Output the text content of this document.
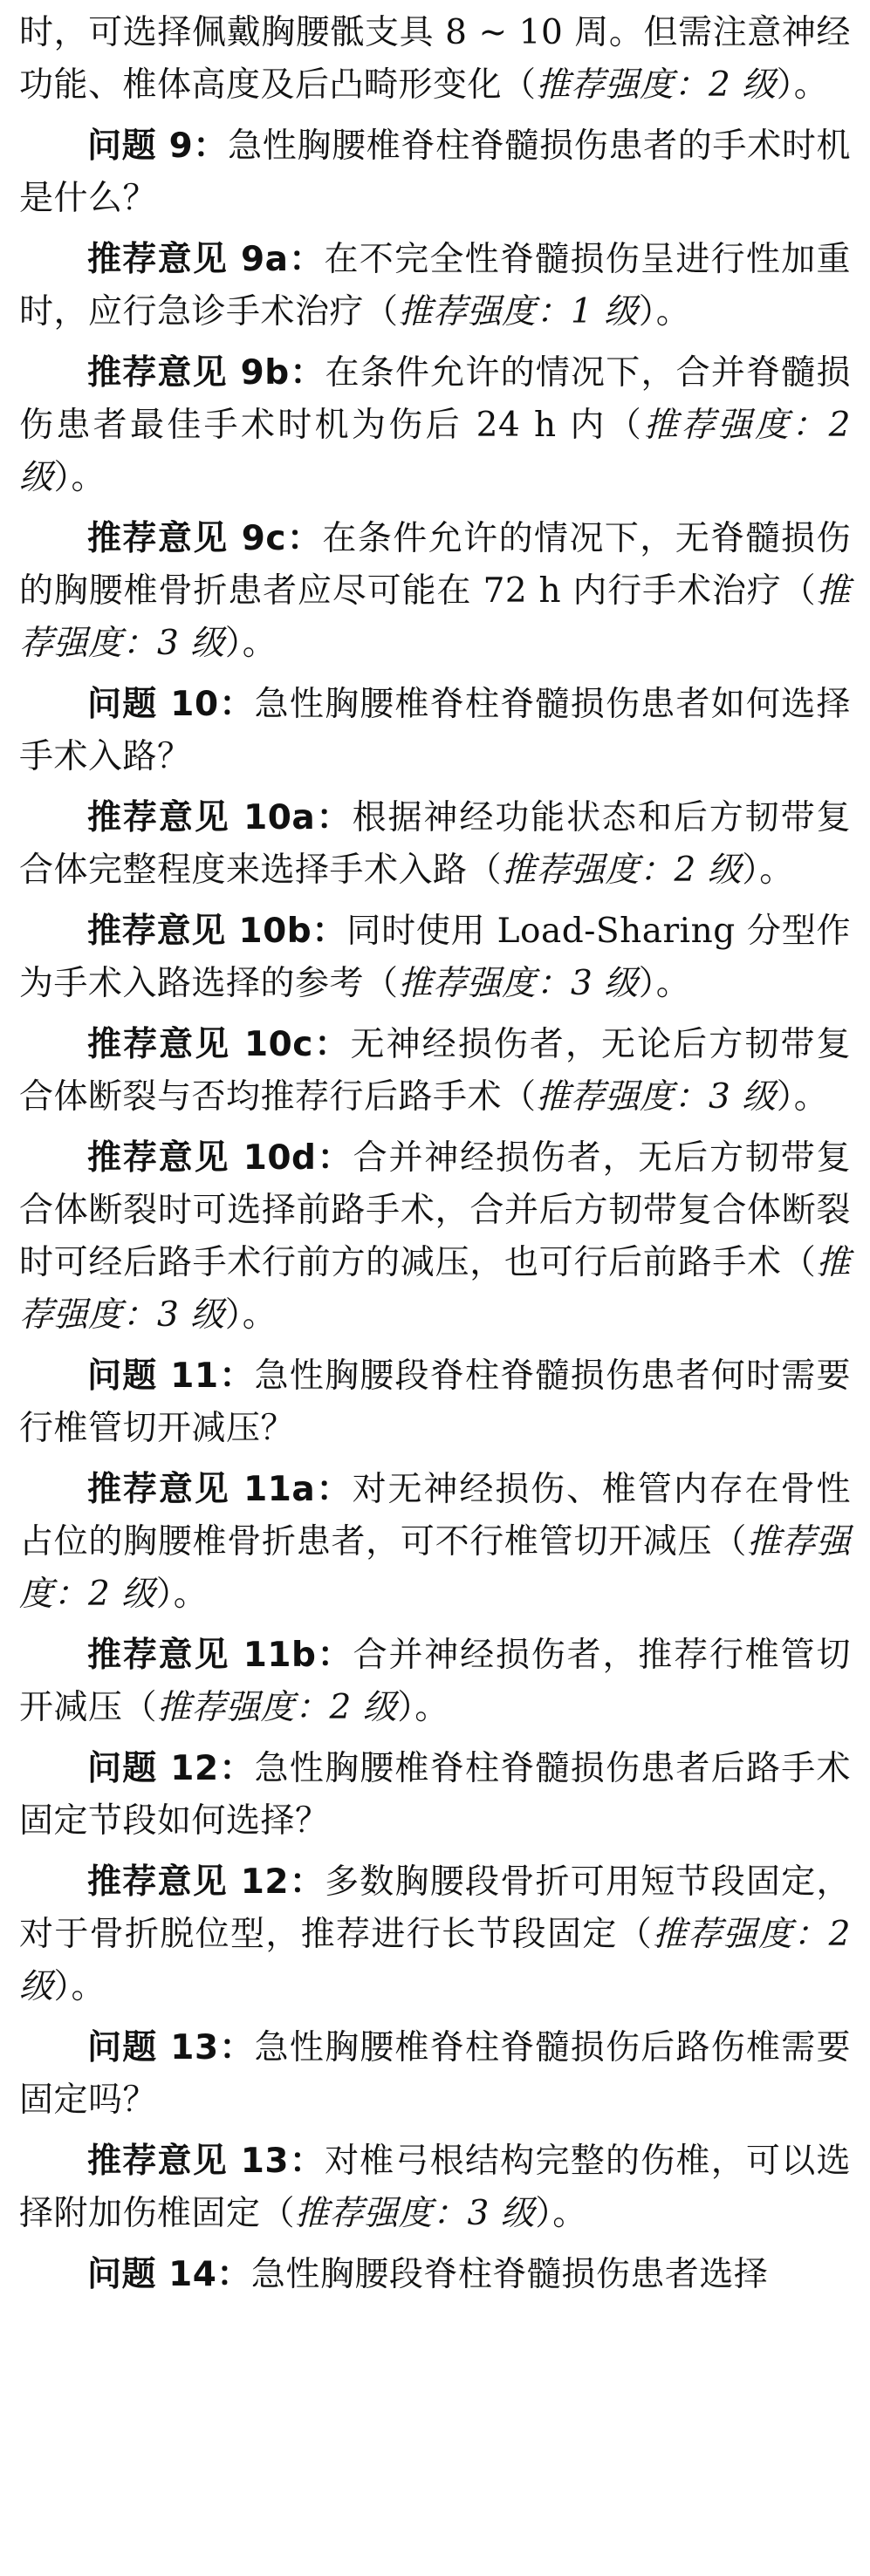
时，可选择佩戴胸腰骶支具 8 ~ 10 周。但需注意神经功能、椎体高度及后凸畸形变化（推荐强度：2 级）。

问题 9：急性胸腰椎脊柱脊髓损伤患者的手术时机是什么？

推荐意见 9a：在不完全性脊髓损伤呈进行性加重时，应行急诊手术治疗（推荐强度：1 级）。

推荐意见 9b：在条件允许的情况下，合并脊髓损伤患者最佳手术时机为伤后 24 h 内（推荐强度：2 级）。

推荐意见 9c：在条件允许的情况下，无脊髓损伤的胸腰椎骨折患者应尽可能在 72 h 内行手术治疗（推荐强度：3 级）。

问题 10：急性胸腰椎脊柱脊髓损伤患者如何选择手术入路？

推荐意见 10a：根据神经功能状态和后方韧带复合体完整程度来选择手术入路（推荐强度：2 级）。

推荐意见 10b：同时使用 Load-Sharing 分型作为手术入路选择的参考（推荐强度：3 级）。

推荐意见 10c：无神经损伤者，无论后方韧带复合体断裂与否均推荐行后路手术（推荐强度：3 级）。

推荐意见 10d：合并神经损伤者，无后方韧带复合体断裂时可选择前路手术，合并后方韧带复合体断裂时可经后路手术行前方的减压，也可行后前路手术（推荐强度：3 级）。

问题 11：急性胸腰段脊柱脊髓损伤患者何时需要行椎管切开减压？

推荐意见 11a：对无神经损伤、椎管内存在骨性占位的胸腰椎骨折患者，可不行椎管切开减压（推荐强度：2 级）。

推荐意见 11b：合并神经损伤者，推荐行椎管切开减压（推荐强度：2 级）。

问题 12：急性胸腰椎脊柱脊髓损伤患者后路手术固定节段如何选择？

推荐意见 12：多数胸腰段骨折可用短节段固定，对于骨折脱位型，推荐进行长节段固定（推荐强度：2 级）。

问题 13：急性胸腰椎脊柱脊髓损伤后路伤椎需要固定吗？

推荐意见 13：对椎弓根结构完整的伤椎，可以选择附加伤椎固定（推荐强度：3 级）。

问题 14：急性胸腰段脊柱脊髓损伤患者选择
